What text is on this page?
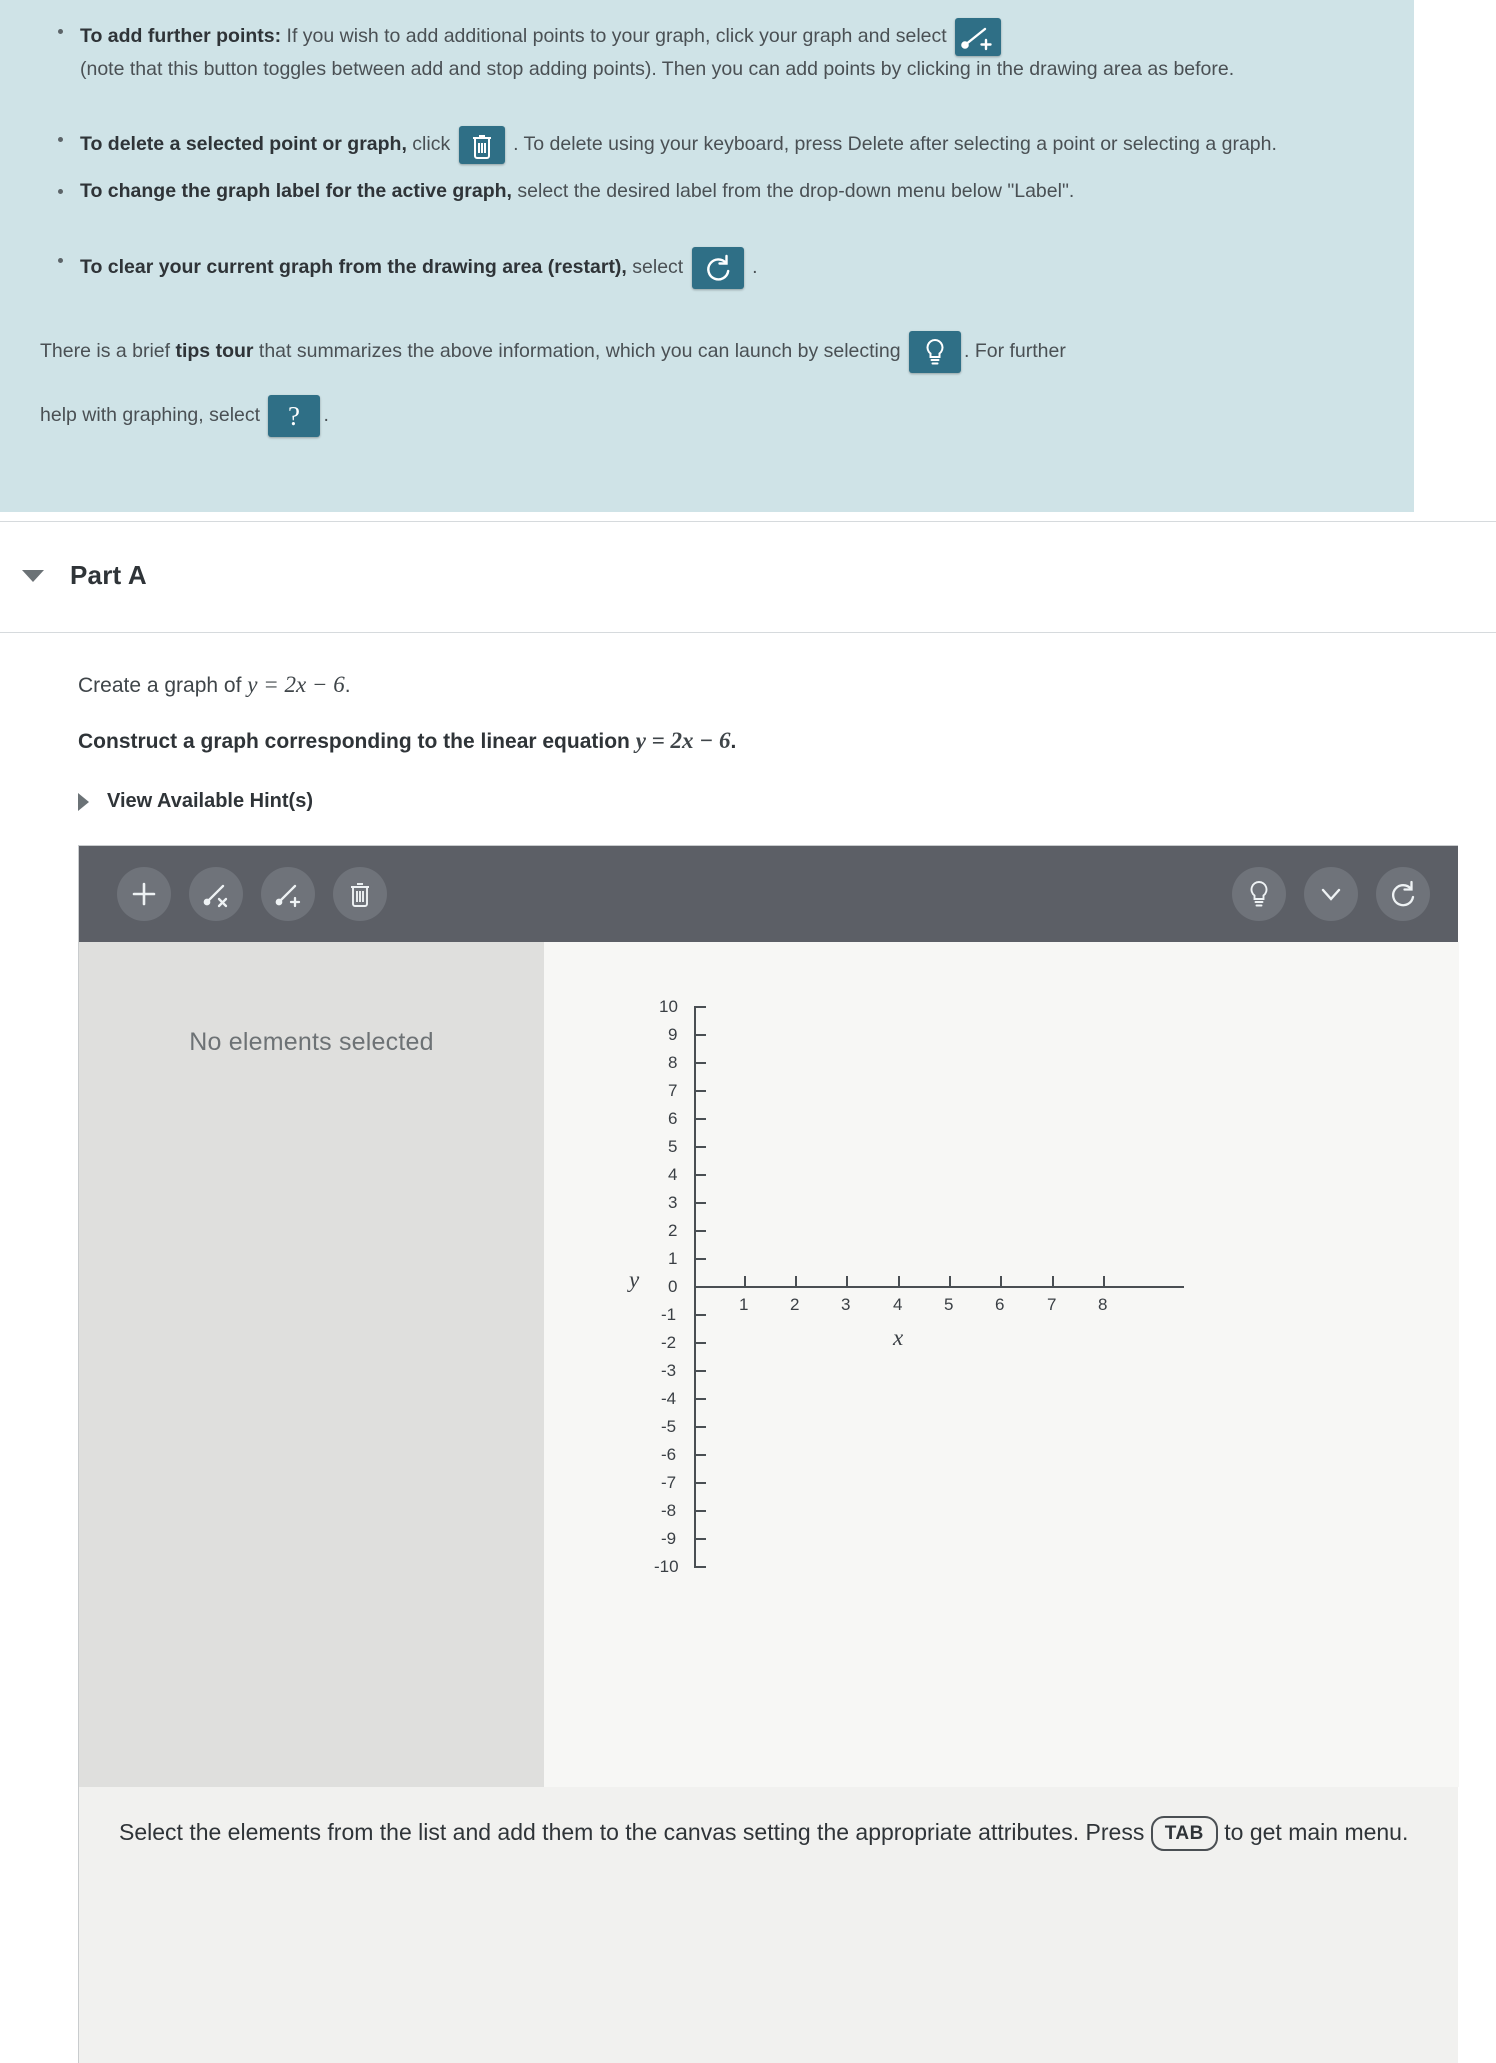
To add further points: If you wish to add additional points to your graph, click your graph and select
(note that this button toggles between add and stop adding points). Then you can add points by clicking in the drawing area as before.
To delete a selected point or graph, click	. To delete using your keyboard, press Delete after selecting a point or selecting a graph.
To change the graph label for the active graph, select the desired label from the drop-down menu below "Label".
To clear your current graph from the drawing area (restart), select	.
There is a brief tips tour that summarizes the above information, which you can launch by selecting	. For further
help with graphing, select ? .
Part A
Create a graph of y = 2x − 6.
Construct a graph corresponding to the linear equation y = 2x − 6.
View Available Hint(s)
No elements selected
10
9
8
7
6
5
4
3
2
1
0
-1
-2
-3
-4
-5
-6
-7
-8
-9
-10
1 2 3	4 5 6	7 8
y
x
Select the elements from the list and add them to the canvas setting the appropriate attributes. Press TAB to get main menu.
